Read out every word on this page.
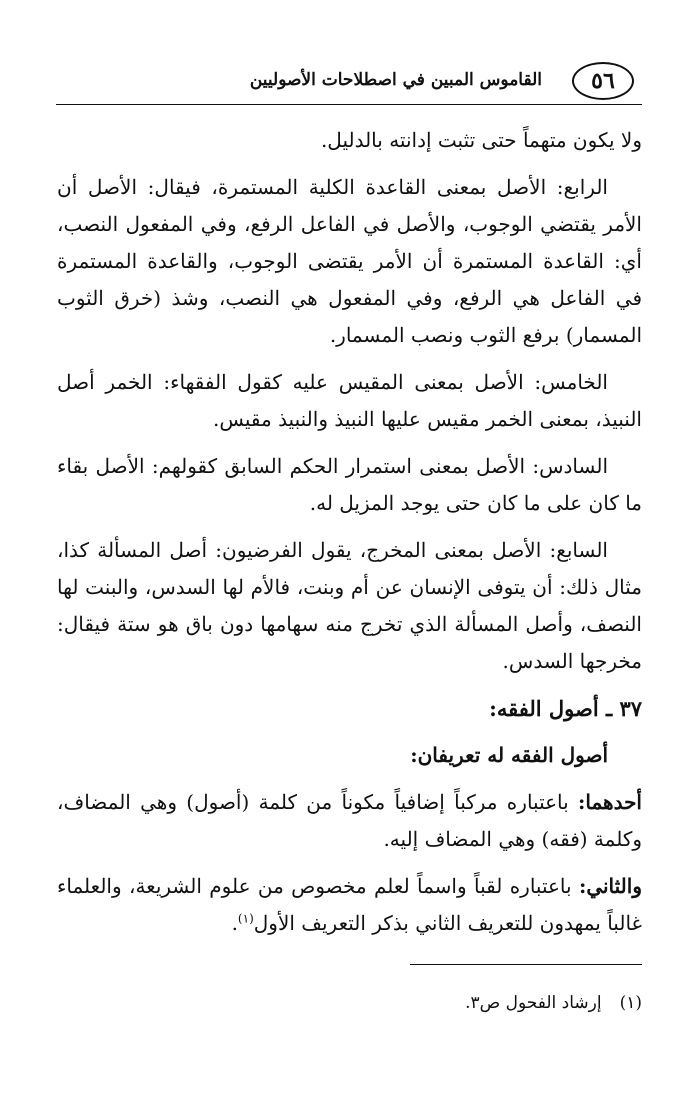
٥٦
القاموس المبين في اصطلاحات الأصوليين

ولا يكون متهماً حتى تثبت إدانته بالدليل.

الرابع: الأصل بمعنى القاعدة الكلية المستمرة، فيقال: الأصل أن الأمر يقتضي الوجوب، والأصل في الفاعل الرفع، وفي المفعول النصب، أي: القاعدة المستمرة أن الأمر يقتضى الوجوب، والقاعدة المستمرة في الفاعل هي الرفع، وفي المفعول هي النصب، وشذ (خرق الثوب المسمار) برفع الثوب ونصب المسمار.

الخامس: الأصل بمعنى المقيس عليه كقول الفقهاء: الخمر أصل النبيذ، بمعنى الخمر مقيس عليها النبيذ والنبيذ مقيس.

السادس: الأصل بمعنى استمرار الحكم السابق كقولهم: الأصل بقاء ما كان على ما كان حتى يوجد المزيل له.

السابع: الأصل بمعنى المخرج، يقول الفرضيون: أصل المسألة كذا، مثال ذلك: أن يتوفى الإنسان عن أم وبنت، فالأم لها السدس، والبنت لها النصف، وأصل المسألة الذي تخرج منه سهامها دون باق هو ستة فيقال: مخرجها السدس.

٣٧ ـ أصول الفقه:

أصول الفقه له تعريفان:

أحدهما: باعتباره مركباً إضافياً مكوناً من كلمة (أصول) وهي المضاف، وكلمة (فقه) وهي المضاف إليه.

والثاني: باعتباره لقباً واسماً لعلم مخصوص من علوم الشريعة، والعلماء غالباً يمهدون للتعريف الثاني بذكر التعريف الأول$^{(١)}$.

(١)إرشاد الفحول ص٣.
